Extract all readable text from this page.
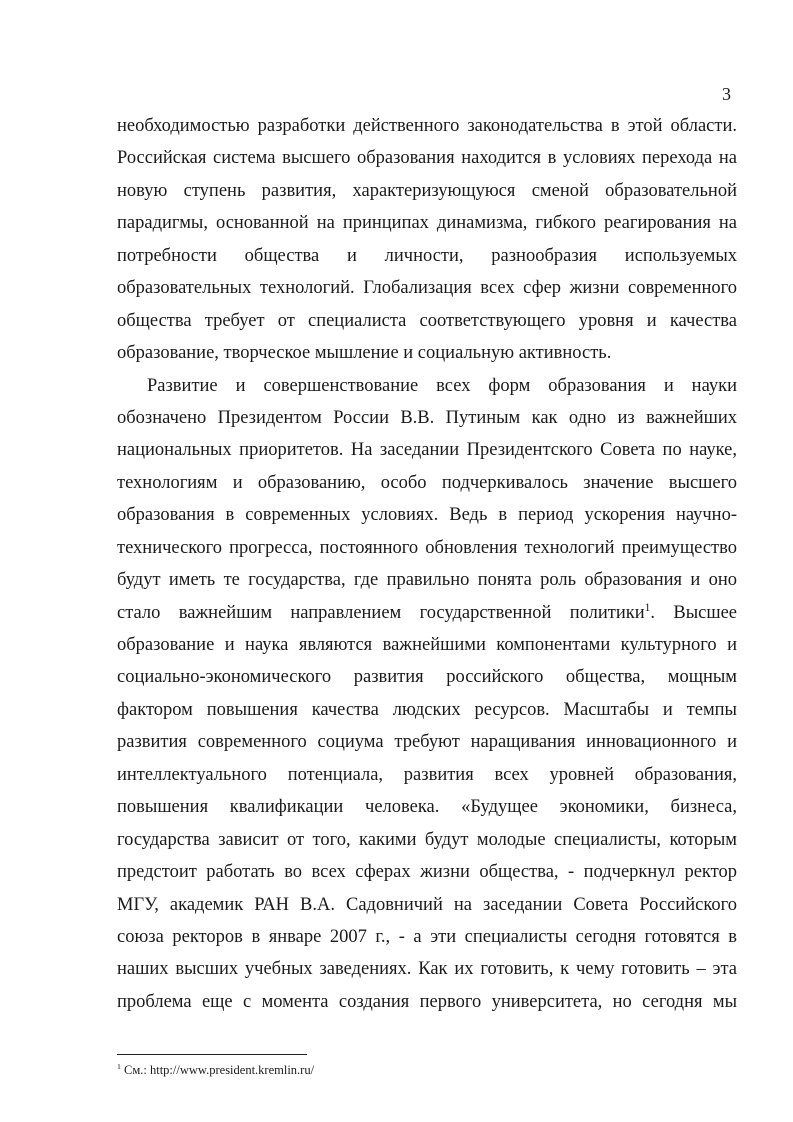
3
необходимостью разработки действенного законодательства в этой области.
Российская система высшего образования находится в условиях перехода на
новую ступень развития, характеризующуюся сменой образовательной
парадигмы, основанной на принципах динамизма, гибкого реагирования на
потребности общества и личности, разнообразия используемых
образовательных технологий. Глобализация всех сфер жизни современного
общества требует от специалиста соответствующего уровня и качества
образование, творческое мышление и социальную активность.
Развитие и совершенствование всех форм образования и науки
обозначено Президентом России В.В. Путиным как одно из важнейших
национальных приоритетов. На заседании Президентского Совета по науке,
технологиям и образованию, особо подчеркивалось значение высшего
образования в современных условиях. Ведь в период ускорения научно-
технического прогресса, постоянного обновления технологий преимущество
будут иметь те государства, где правильно понята роль образования и оно
стало важнейшим направлением государственной политики$^1$. Высшее
образование и наука являются важнейшими компонентами культурного и
социально-экономического развития российского общества, мощным
фактором повышения качества людских ресурсов. Масштабы и темпы
развития современного социума требуют наращивания инновационного и
интеллектуального потенциала, развития всех уровней образования,
повышения квалификации человека. «Будущее экономики, бизнеса,
государства зависит от того, какими будут молодые специалисты, которым
предстоит работать во всех сферах жизни общества, - подчеркнул ректор
МГУ, академик РАН В.А. Садовничий на заседании Совета Российского
союза ректоров в январе 2007 г., - а эти специалисты сегодня готовятся в
наших высших учебных заведениях. Как их готовить, к чему готовить – эта
проблема еще с момента создания первого университета, но сегодня мы
$^1$ См.: http://www.president.kremlin.ru/
